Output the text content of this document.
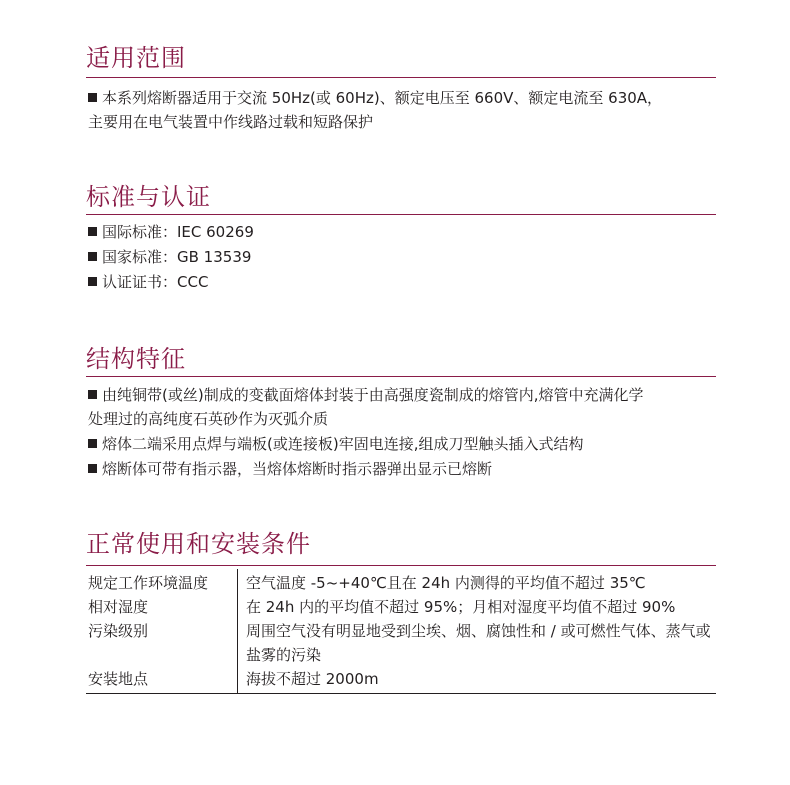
适用范围
本系列熔断器适用于交流 50Hz(或 60Hz)、额定电压至 660V、额定电流至 630A，
主要用在电气装置中作线路过载和短路保护
标准与认证
国际标准：IEC 60269
国家标准：GB 13539
认证证书：CCC
结构特征
由纯铜带(或丝)制成的变截面熔体封装于由高强度瓷制成的熔管内,熔管中充满化学
处理过的高纯度石英砂作为灭弧介质
熔体二端采用点焊与端板(或连接板)牢固电连接,组成刀型触头插入式结构
熔断体可带有指示器，当熔体熔断时指示器弹出显示已熔断
正常使用和安装条件
规定工作环境温度	空气温度 -5~+40℃且在 24h 内测得的平均值不超过 35℃
相对湿度	在 24h 内的平均值不超过 95%；月相对湿度平均值不超过 90%
污染级别	周围空气没有明显地受到尘埃、烟、腐蚀性和 / 或可燃性气体、蒸气或盐雾的污染

安装地点	海拔不超过 2000m
